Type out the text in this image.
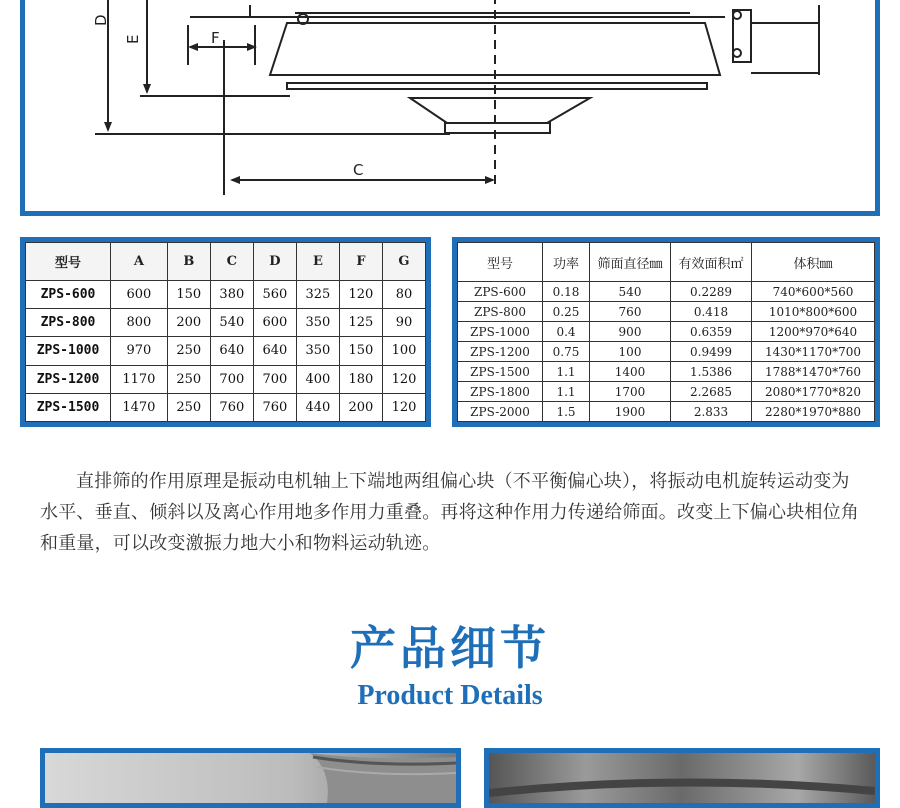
D
E	F
C
型号	A	B	C	D	E	F	G
ZPS-600	600	150	380	560	325	120	80
ZPS-800	800	200	540	600	350	125	90
ZPS-1000	970	250	640	640	350	150	100
ZPS-1200	1170	250	700	700	400	180	120
ZPS-1500	1470	250	760	760	440	200	120
型号	功率	筛面直径㎜	有效面积㎡	体积㎜
ZPS-600	0.18	540	0.2289	740*600*560
ZPS-800	0.25	760	0.418	1010*800*600
ZPS-1000	0.4	900	0.6359	1200*970*640
ZPS-1200	0.75	100	0.9499	1430*1170*700
ZPS-1500	1.1	1400	1.5386	1788*1470*760
ZPS-1800	1.1	1700	2.2685	2080*1770*820
ZPS-2000	1.5	1900	2.833	2280*1970*880

直排筛的作用原理是振动电机轴上下端地两组偏心块（不平衡偏心块），将振动电机旋转运动变为水平、垂直、倾斜以及离心作用地多作用力重叠。再将这种作用力传递给筛面。改变上下偏心块相位角和重量，可以改变激振力地大小和物料运动轨迹。

产品细节
Product Details
